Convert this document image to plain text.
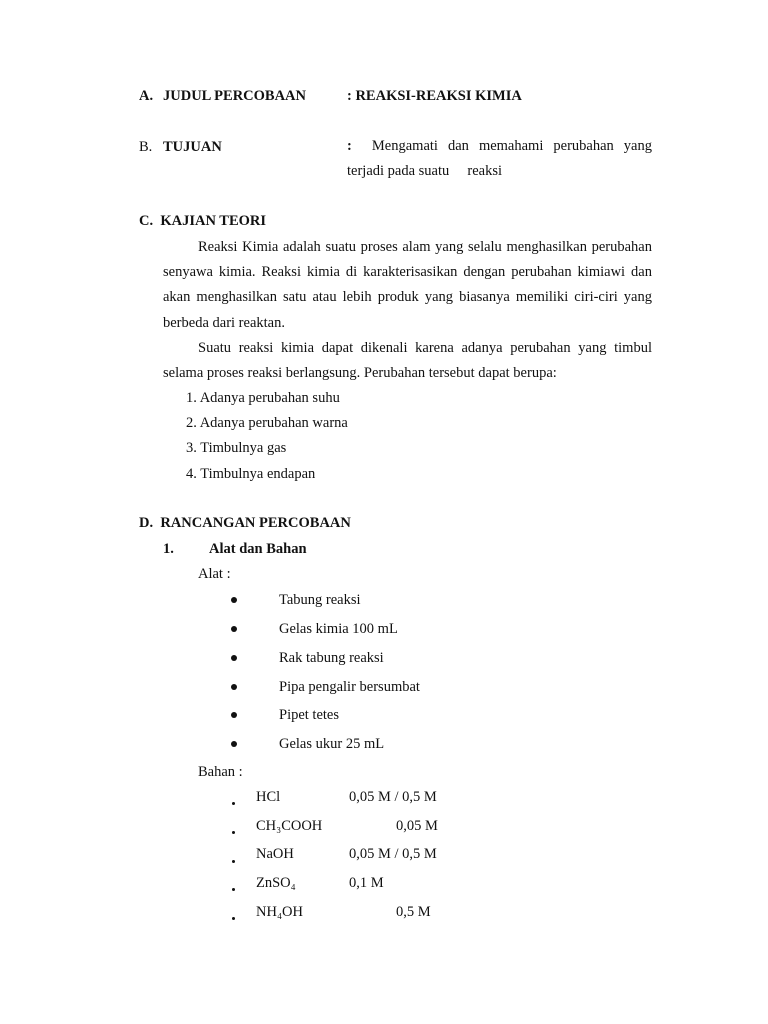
A. JUDUL PERCOBAAN	: REAKSI-REAKSI KIMIA
B. TUJUAN	: Mengamati dan memahami perubahan yang
terjadi pada suatu     reaksi
C.  KAJIAN TEORI
Reaksi Kimia adalah suatu proses alam yang selalu menghasilkan perubahan senyawa kimia. Reaksi kimia di karakterisasikan dengan perubahan kimiawi dan akan menghasilkan satu atau lebih produk yang biasanya memiliki ciri-ciri yang berbeda dari reaktan.
Suatu reaksi kimia dapat dikenali karena adanya perubahan yang timbul selama proses reaksi berlangsung. Perubahan tersebut dapat berupa:
1. Adanya perubahan suhu
2. Adanya perubahan warna
3. Timbulnya gas
4. Timbulnya endapan
D.  RANCANGAN PERCOBAAN
1. Alat dan Bahan
Alat :
Tabung reaksi
Gelas kimia 100 mL
Rak tabung reaksi
Pipa pengalir bersumbat
Pipet tetes
Gelas ukur 25 mL
Bahan :
HCl	0,05 M / 0,5 M
CH₃COOH	0,05 M
NaOH	0,05 M / 0,5 M
ZnSO₄	0,1 M
NH₄OH	0,5 M
